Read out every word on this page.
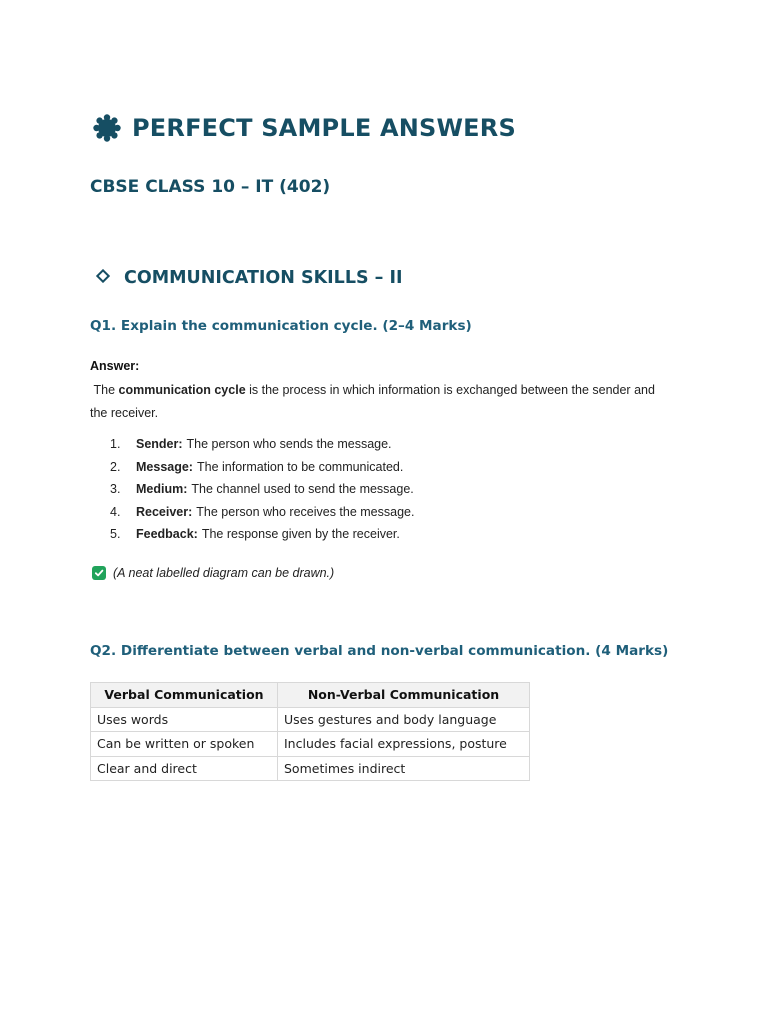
PERFECT SAMPLE ANSWERS
CBSE CLASS 10 – IT (402)
COMMUNICATION SKILLS – II
Q1. Explain the communication cycle. (2–4 Marks)
Answer:
The communication cycle is the process in which information is exchanged between the sender and the receiver.
1.	Sender: The person who sends the message.
2.	Message: The information to be communicated.
3.	Medium: The channel used to send the message.
4.	Receiver: The person who receives the message.
5.	Feedback: The response given by the receiver.
(A neat labelled diagram can be drawn.)
Q2. Differentiate between verbal and non-verbal communication. (4 Marks)
Verbal Communication	Non-Verbal Communication
Uses words	Uses gestures and body language
Can be written or spoken	Includes facial expressions, posture
Clear and direct	Sometimes indirect
